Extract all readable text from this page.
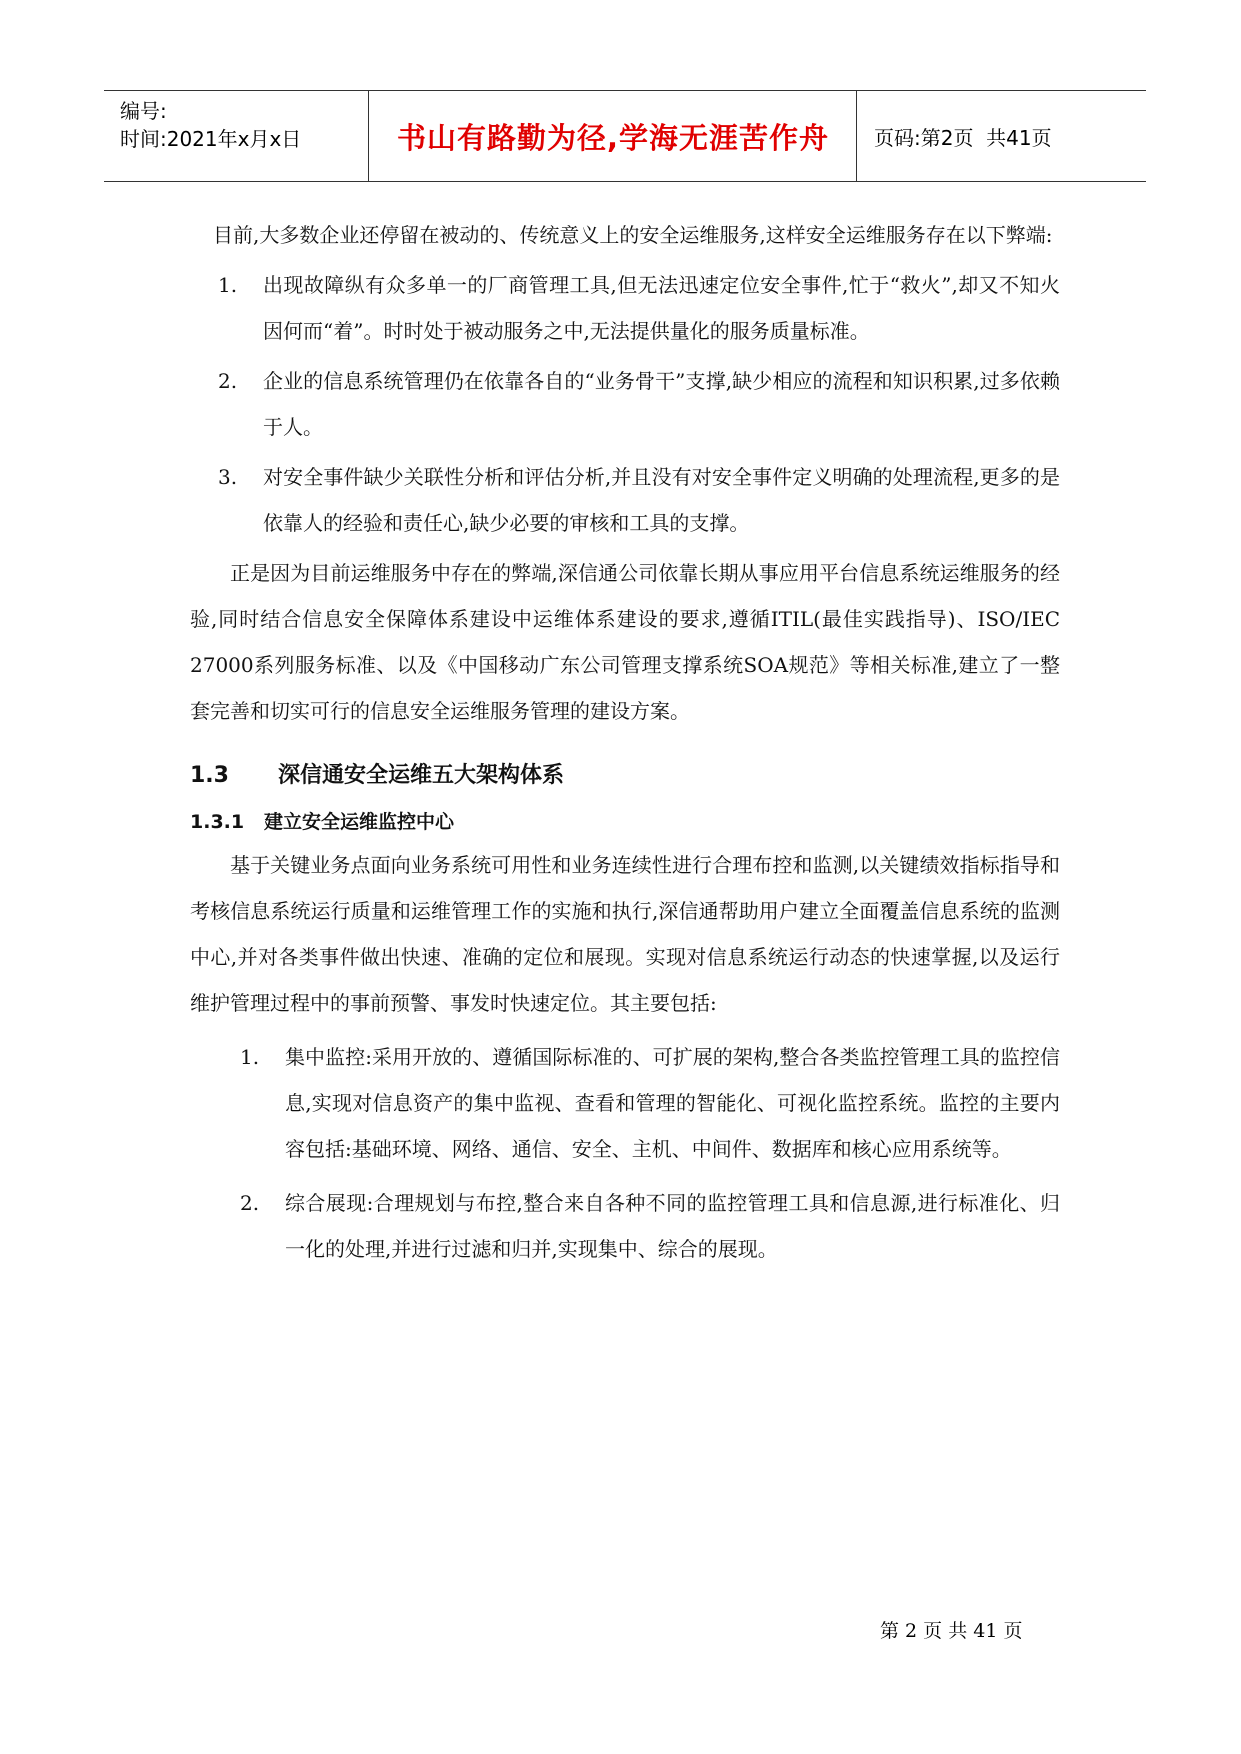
编号:
时间:2021年x月x日	书山有路勤为径,学海无涯苦作舟	页码:第2页  共41页

目前,大多数企业还停留在被动的、传统意义上的安全运维服务,这样安全运维服务存在以下弊端:

1. 出现故障纵有众多单一的厂商管理工具,但无法迅速定位安全事件,忙于“救火”,却又不知火因何而“着”。时时处于被动服务之中,无法提供量化的服务质量标准。
2. 企业的信息系统管理仍在依靠各自的“业务骨干”支撑,缺少相应的流程和知识积累,过多依赖于人。
3. 对安全事件缺少关联性分析和评估分析,并且没有对安全事件定义明确的处理流程,更多的是依靠人的经验和责任心,缺少必要的审核和工具的支撑。

正是因为目前运维服务中存在的弊端,深信通公司依靠长期从事应用平台信息系统运维服务的经验,同时结合信息安全保障体系建设中运维体系建设的要求,遵循ITIL(最佳实践指导)、ISO/IEC 27000系列服务标准、以及《中国移动广东公司管理支撑系统SOA规范》等相关标准,建立了一整套完善和切实可行的信息安全运维服务管理的建设方案。

1.3 深信通安全运维五大架构体系
1.3.1 建立安全运维监控中心

基于关键业务点面向业务系统可用性和业务连续性进行合理布控和监测,以关键绩效指标指导和考核信息系统运行质量和运维管理工作的实施和执行,深信通帮助用户建立全面覆盖信息系统的监测中心,并对各类事件做出快速、准确的定位和展现。实现对信息系统运行动态的快速掌握,以及运行维护管理过程中的事前预警、事发时快速定位。其主要包括:

1. 集中监控:采用开放的、遵循国际标准的、可扩展的架构,整合各类监控管理工具的监控信息,实现对信息资产的集中监视、查看和管理的智能化、可视化监控系统。监控的主要内容包括:基础环境、网络、通信、安全、主机、中间件、数据库和核心应用系统等。
2. 综合展现:合理规划与布控,整合来自各种不同的监控管理工具和信息源,进行标准化、归一化的处理,并进行过滤和归并,实现集中、综合的展现。
第 2 页 共 41 页
